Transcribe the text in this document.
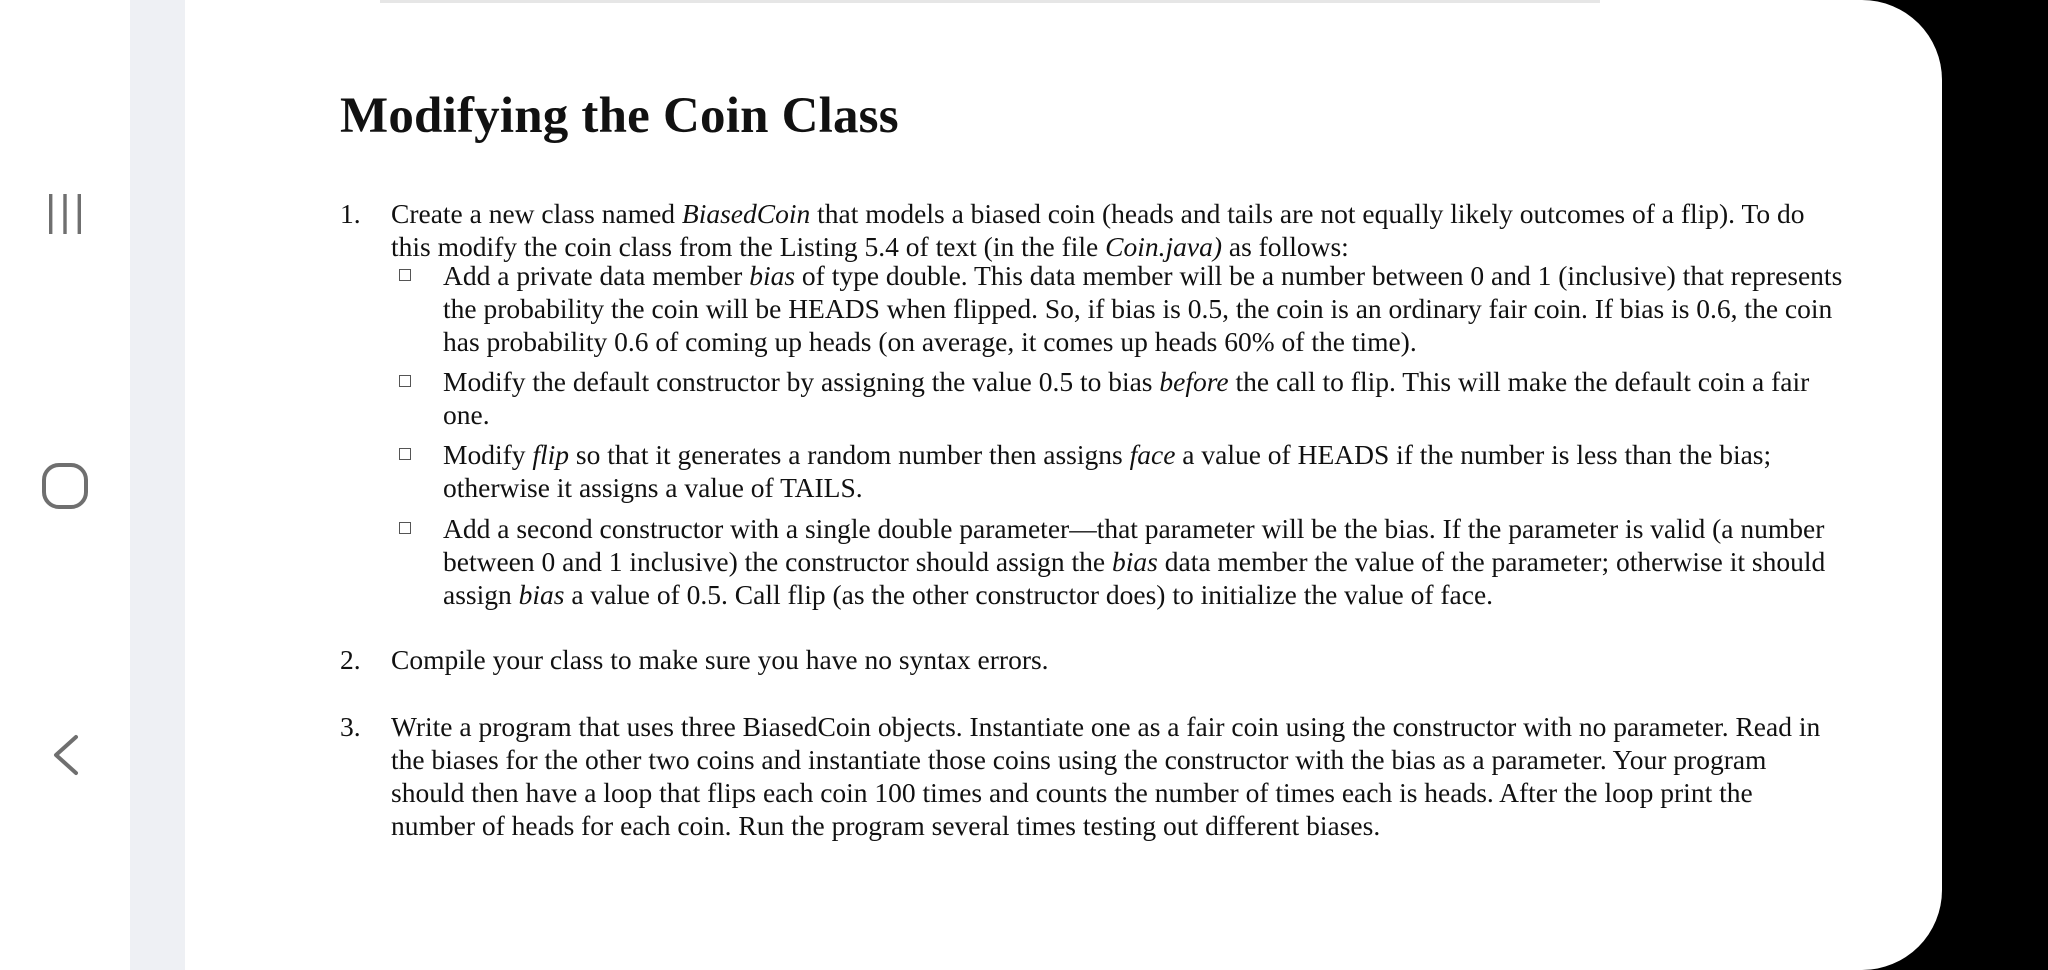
Modifying the Coin Class
1. Create a new class named BiasedCoin that models a biased coin (heads and tails are not equally likely outcomes of a flip). To do this modify the coin class from the Listing 5.4 of text (in the file Coin.java) as follows:
Add a private data member bias of type double. This data member will be a number between 0 and 1 (inclusive) that represents the probability the coin will be HEADS when flipped. So, if bias is 0.5, the coin is an ordinary fair coin. If bias is 0.6, the coin has probability 0.6 of coming up heads (on average, it comes up heads 60% of the time).
Modify the default constructor by assigning the value 0.5 to bias before the call to flip. This will make the default coin a fair one.
Modify flip so that it generates a random number then assigns face a value of HEADS if the number is less than the bias; otherwise it assigns a value of TAILS.
Add a second constructor with a single double parameter—that parameter will be the bias. If the parameter is valid (a number between 0 and 1 inclusive) the constructor should assign the bias data member the value of the parameter; otherwise it should assign bias a value of 0.5. Call flip (as the other constructor does) to initialize the value of face.
2. Compile your class to make sure you have no syntax errors.
3. Write a program that uses three BiasedCoin objects. Instantiate one as a fair coin using the constructor with no parameter. Read in the biases for the other two coins and instantiate those coins using the constructor with the bias as a parameter. Your program should then have a loop that flips each coin 100 times and counts the number of times each is heads. After the loop print the number of heads for each coin. Run the program several times testing out different biases.
